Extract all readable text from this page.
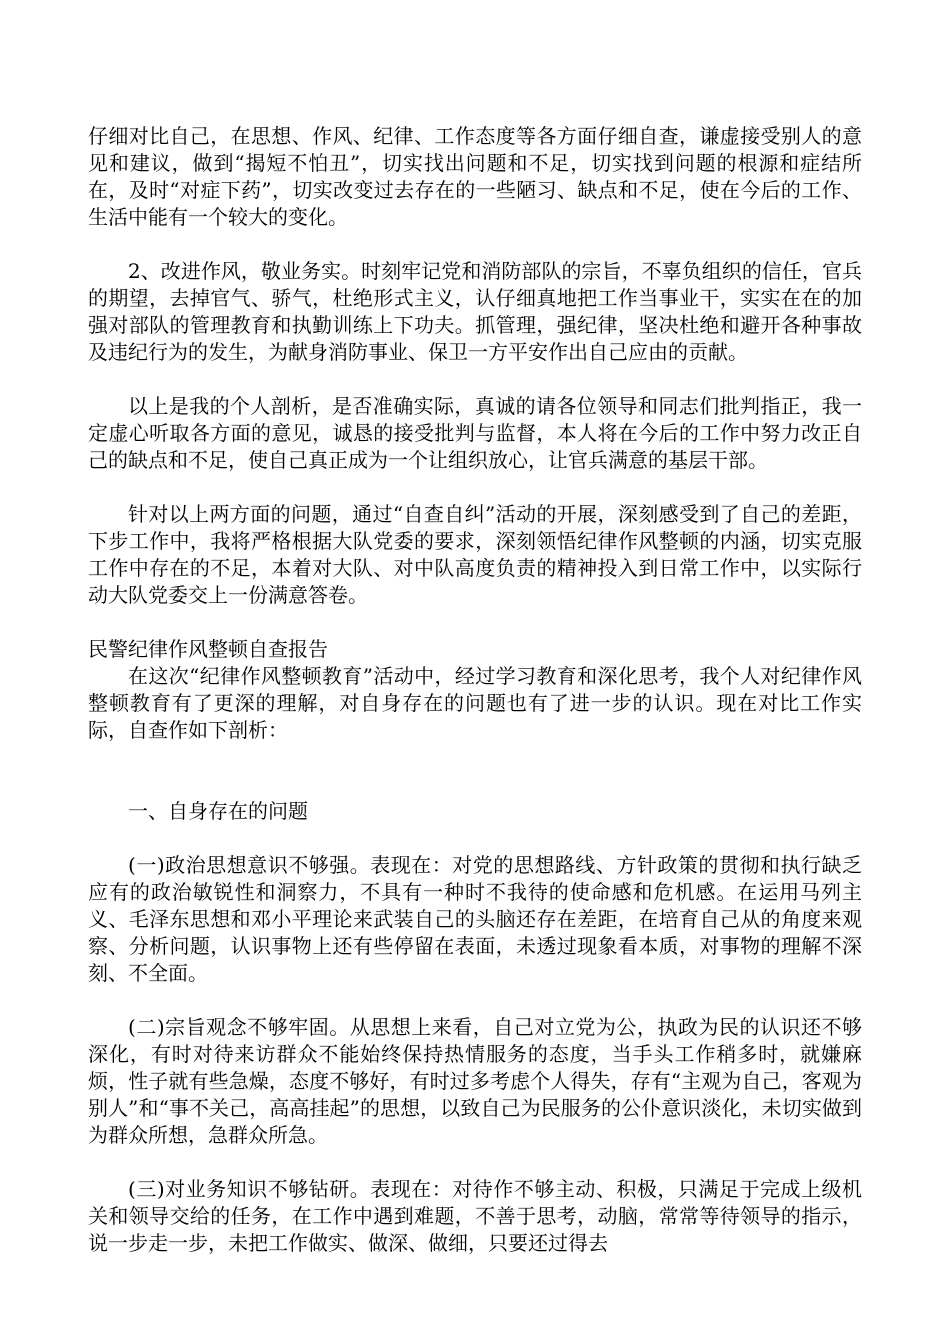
仔细对比自己，在思想、作风、纪律、工作态度等各方面仔细自查，谦虚接受别人的意见和建议，做到“揭短不怕丑”，切实找出问题和不足，切实找到问题的根源和症结所在，及时“对症下药”，切实改变过去存在的一些陋习、缺点和不足，使在今后的工作、生活中能有一个较大的变化。

2、改进作风，敬业务实。时刻牢记党和消防部队的宗旨，不辜负组织的信任，官兵的期望，去掉官气、骄气，杜绝形式主义，认仔细真地把工作当事业干，实实在在的加强对部队的管理教育和执勤训练上下功夫。抓管理，强纪律，坚决杜绝和避开各种事故及违纪行为的发生，为献身消防事业、保卫一方平安作出自己应由的贡献。

以上是我的个人剖析，是否准确实际，真诚的请各位领导和同志们批判指正，我一定虚心听取各方面的意见，诚恳的接受批判与监督，本人将在今后的工作中努力改正自己的缺点和不足，使自己真正成为一个让组织放心，让官兵满意的基层干部。

针对以上两方面的问题，通过“自查自纠”活动的开展，深刻感受到了自己的差距，下步工作中，我将严格根据大队党委的要求，深刻领悟纪律作风整顿的内涵，切实克服工作中存在的不足，本着对大队、对中队高度负责的精神投入到日常工作中，以实际行动大队党委交上一份满意答卷。

民警纪律作风整顿自查报告

在这次“纪律作风整顿教育”活动中，经过学习教育和深化思考，我个人对纪律作风整顿教育有了更深的理解，对自身存在的问题也有了进一步的认识。现在对比工作实际，自查作如下剖析：

一、自身存在的问题

(一)政治思想意识不够强。表现在：对党的思想路线、方针政策的贯彻和执行缺乏应有的政治敏锐性和洞察力，不具有一种时不我待的使命感和危机感。在运用马列主义、毛泽东思想和邓小平理论来武装自己的头脑还存在差距，在培育自己从的角度来观察、分析问题，认识事物上还有些停留在表面，未透过现象看本质，对事物的理解不深刻、不全面。

(二)宗旨观念不够牢固。从思想上来看，自己对立党为公，执政为民的认识还不够深化，有时对待来访群众不能始终保持热情服务的态度，当手头工作稍多时，就嫌麻烦，性子就有些急燥，态度不够好，有时过多考虑个人得失，存有“主观为自己，客观为别人”和“事不关己，高高挂起”的思想，以致自己为民服务的公仆意识淡化，未切实做到为群众所想，急群众所急。

(三)对业务知识不够钻研。表现在：对待作不够主动、积极，只满足于完成上级机关和领导交给的任务，在工作中遇到难题，不善于思考，动脑，常常等待领导的指示，说一步走一步，未把工作做实、做深、做细，只要还过得去
